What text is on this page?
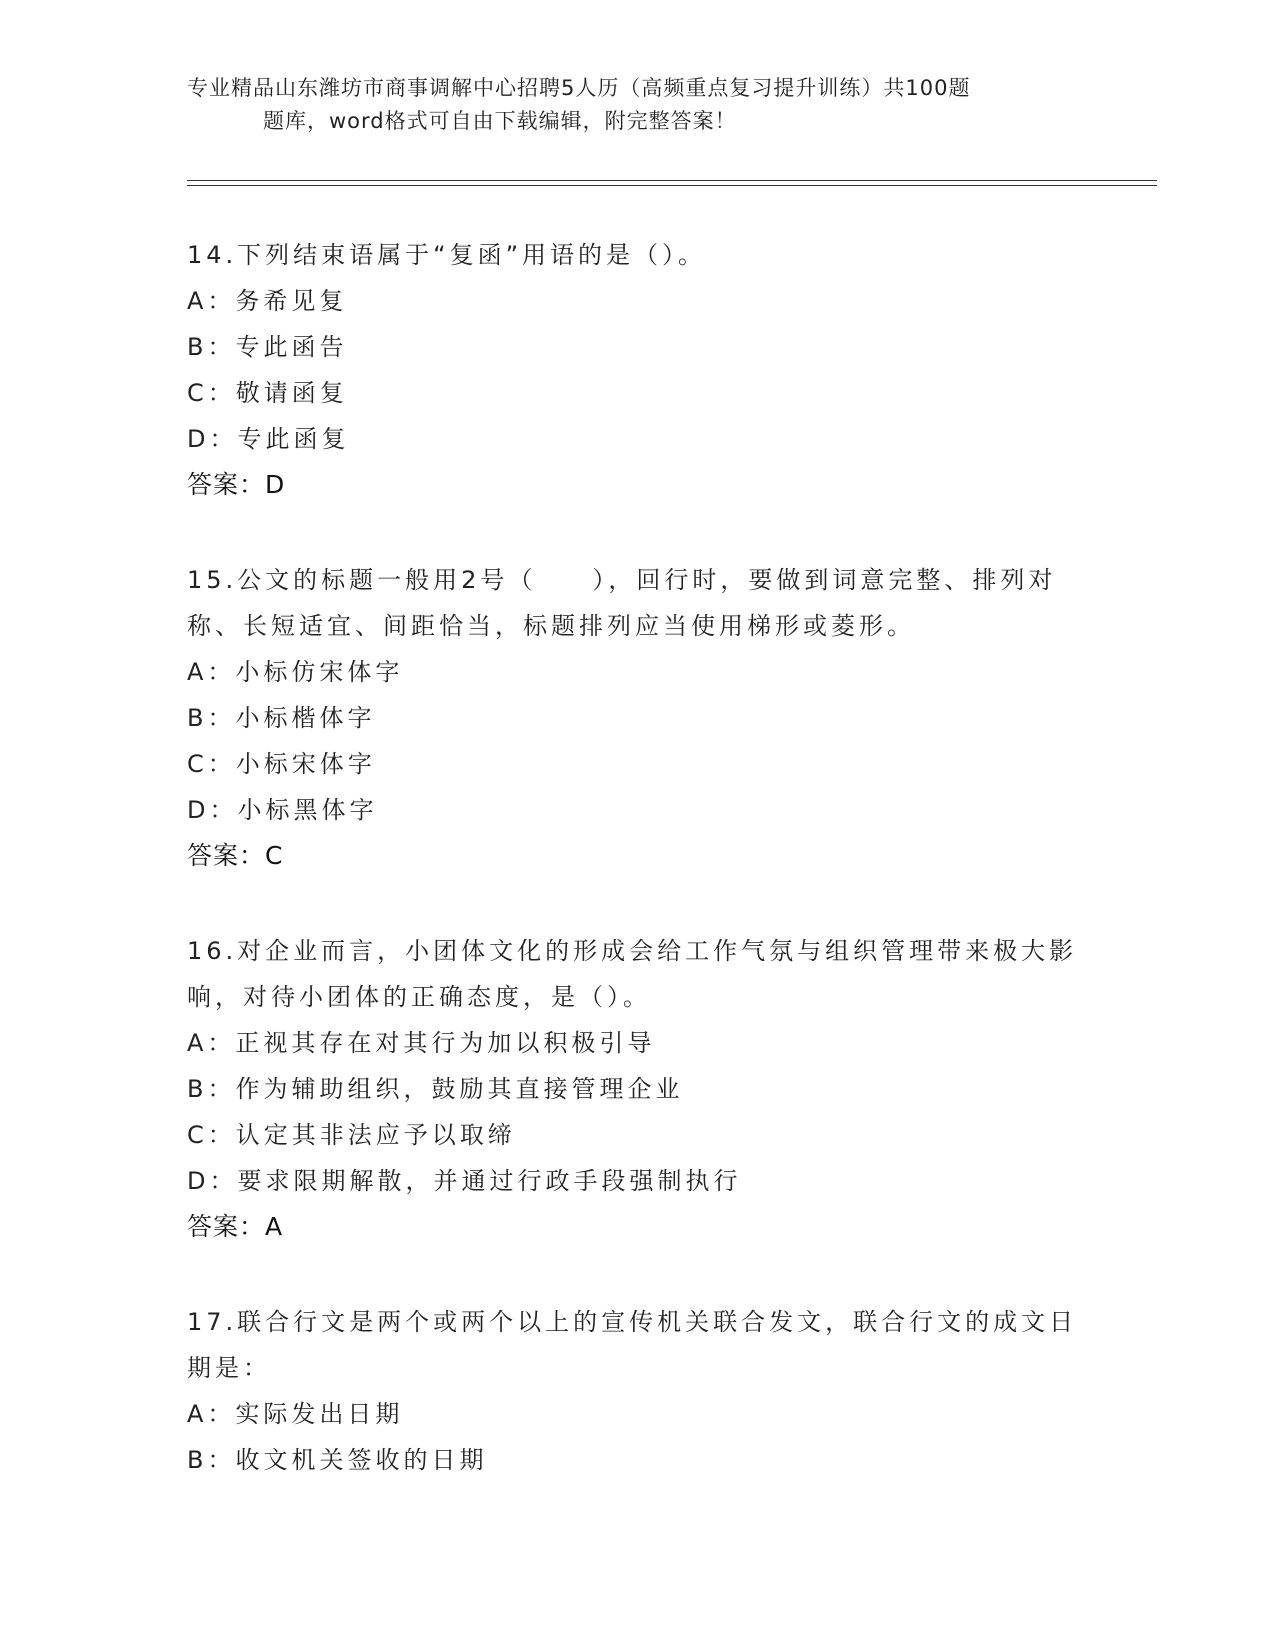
专业精品山东潍坊市商事调解中心招聘5人历（高频重点复习提升训练）共100题
题库，word格式可自由下载编辑，附完整答案！

14.下列结束语属于“复函”用语的是（）。

A：务希见复

B：专此函告

C：敬请函复

D：专此函复

答案：D

15.公文的标题一般用2号（　　），回行时，要做到词意完整、排列对称、长短适宜、间距恰当，标题排列应当使用梯形或菱形。

A：小标仿宋体字

B：小标楷体字

C：小标宋体字

D：小标黑体字

答案：C

16.对企业而言，小团体文化的形成会给工作气氛与组织管理带来极大影响，对待小团体的正确态度，是（）。

A：正视其存在对其行为加以积极引导

B：作为辅助组织，鼓励其直接管理企业

C：认定其非法应予以取缔

D：要求限期解散，并通过行政手段强制执行

答案：A

17.联合行文是两个或两个以上的宣传机关联合发文，联合行文的成文日期是：

A：实际发出日期

B：收文机关签收的日期
